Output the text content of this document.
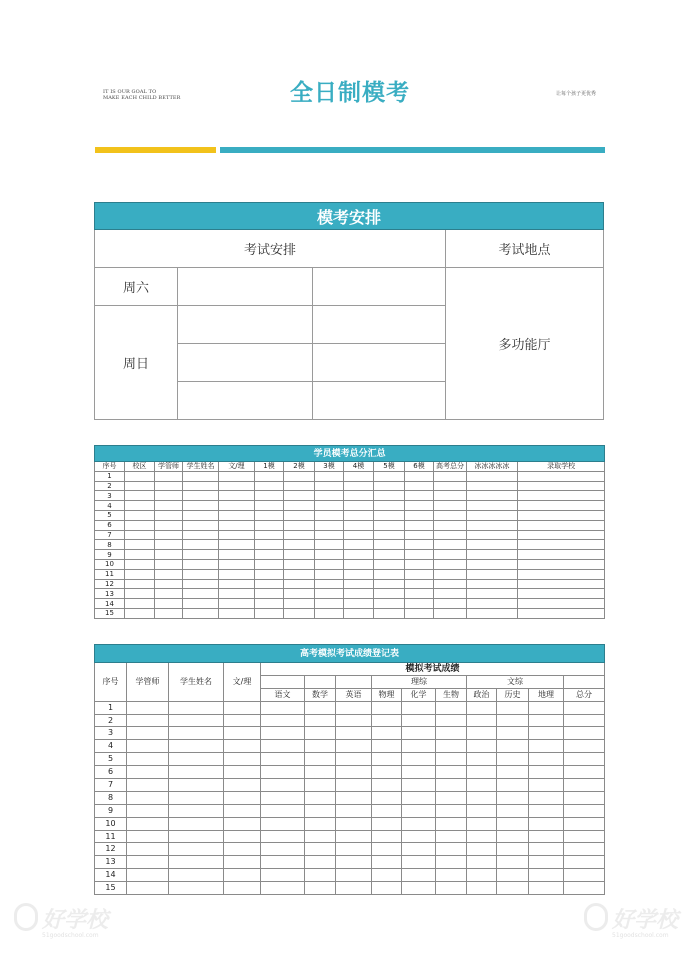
IT IS OUR GOAL TO
MAKE EACH CHILD BETTER	全日制模考	让每个孩子更优秀
模考安排			
考试安排			考试地点
周六			多功能厅
周日			

学员模考总分汇总													
序号	校区	学管师	学生姓名	文/理	1模	2模	3模	4模	5模	6模	高考总分	冰冰冰冰冰	录取学校
1													
2													
3													
4													
5													
6													
7													
8													
9													
10													
11													
12													
13													
14													
15													
高考模拟考试成绩登记表													
序号	学管师	学生姓名	文/理	模拟考试成绩									
							理综			文综			
				语文	数学	英语	物理	化学	生物	政治	历史	地理	总分
1													
2													
3													
4													
5													
6													
7													
8													
9													
10													
11													
12													
13													
14													
15													
好学校
51goodschool.com
好学校
51goodschool.com
